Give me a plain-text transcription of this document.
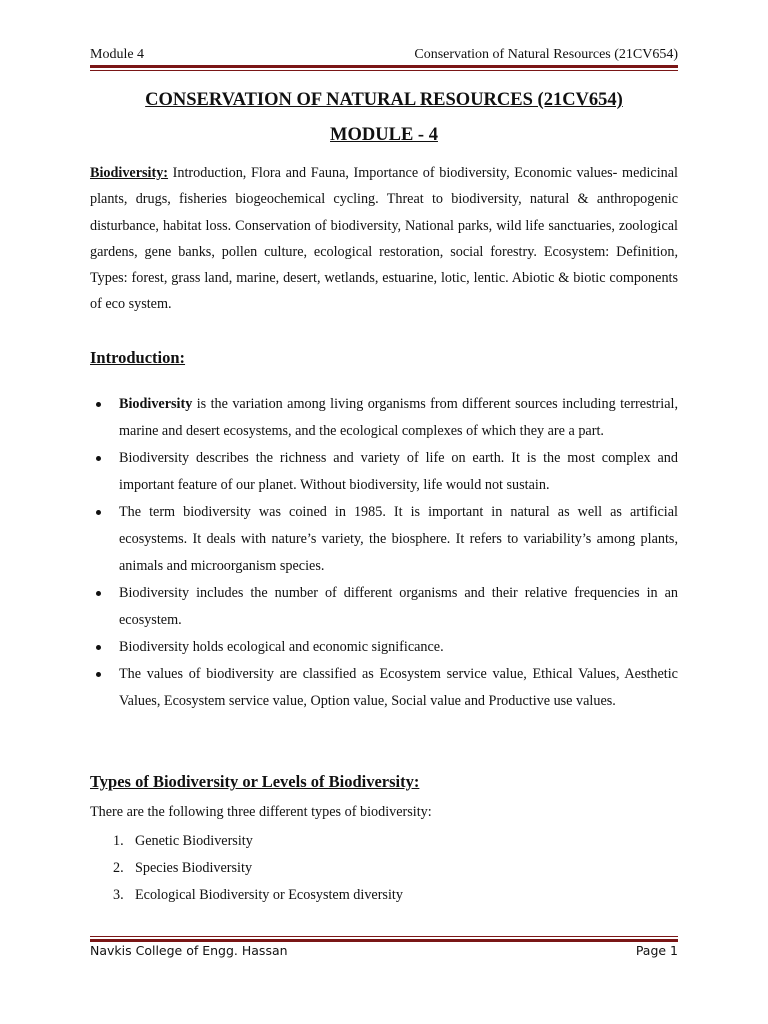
Module 4	Conservation of Natural Resources (21CV654)
CONSERVATION OF NATURAL RESOURCES (21CV654)
MODULE - 4
Biodiversity: Introduction, Flora and Fauna, Importance of biodiversity, Economic values- medicinal plants, drugs, fisheries biogeochemical cycling. Threat to biodiversity, natural & anthropogenic disturbance, habitat loss. Conservation of biodiversity, National parks, wild life sanctuaries, zoological gardens, gene banks, pollen culture, ecological restoration, social forestry. Ecosystem: Definition, Types: forest, grass land, marine, desert, wetlands, estuarine, lotic, lentic. Abiotic & biotic components of eco system.
Introduction:
Biodiversity is the variation among living organisms from different sources including terrestrial, marine and desert ecosystems, and the ecological complexes of which they are a part.
Biodiversity describes the richness and variety of life on earth. It is the most complex and important feature of our planet. Without biodiversity, life would not sustain.
The term biodiversity was coined in 1985. It is important in natural as well as artificial ecosystems. It deals with nature’s variety, the biosphere. It refers to variability’s among plants, animals and microorganism species.
Biodiversity includes the number of different organisms and their relative frequencies in an ecosystem.
Biodiversity holds ecological and economic significance.
The values of biodiversity are classified as Ecosystem service value, Ethical Values, Aesthetic Values, Ecosystem service value, Option value, Social value and Productive use values.
Types of Biodiversity or Levels of Biodiversity:
There are the following three different types of biodiversity:
1. Genetic Biodiversity
2. Species Biodiversity
3. Ecological Biodiversity or Ecosystem diversity
Navkis College of Engg. Hassan	Page 1
